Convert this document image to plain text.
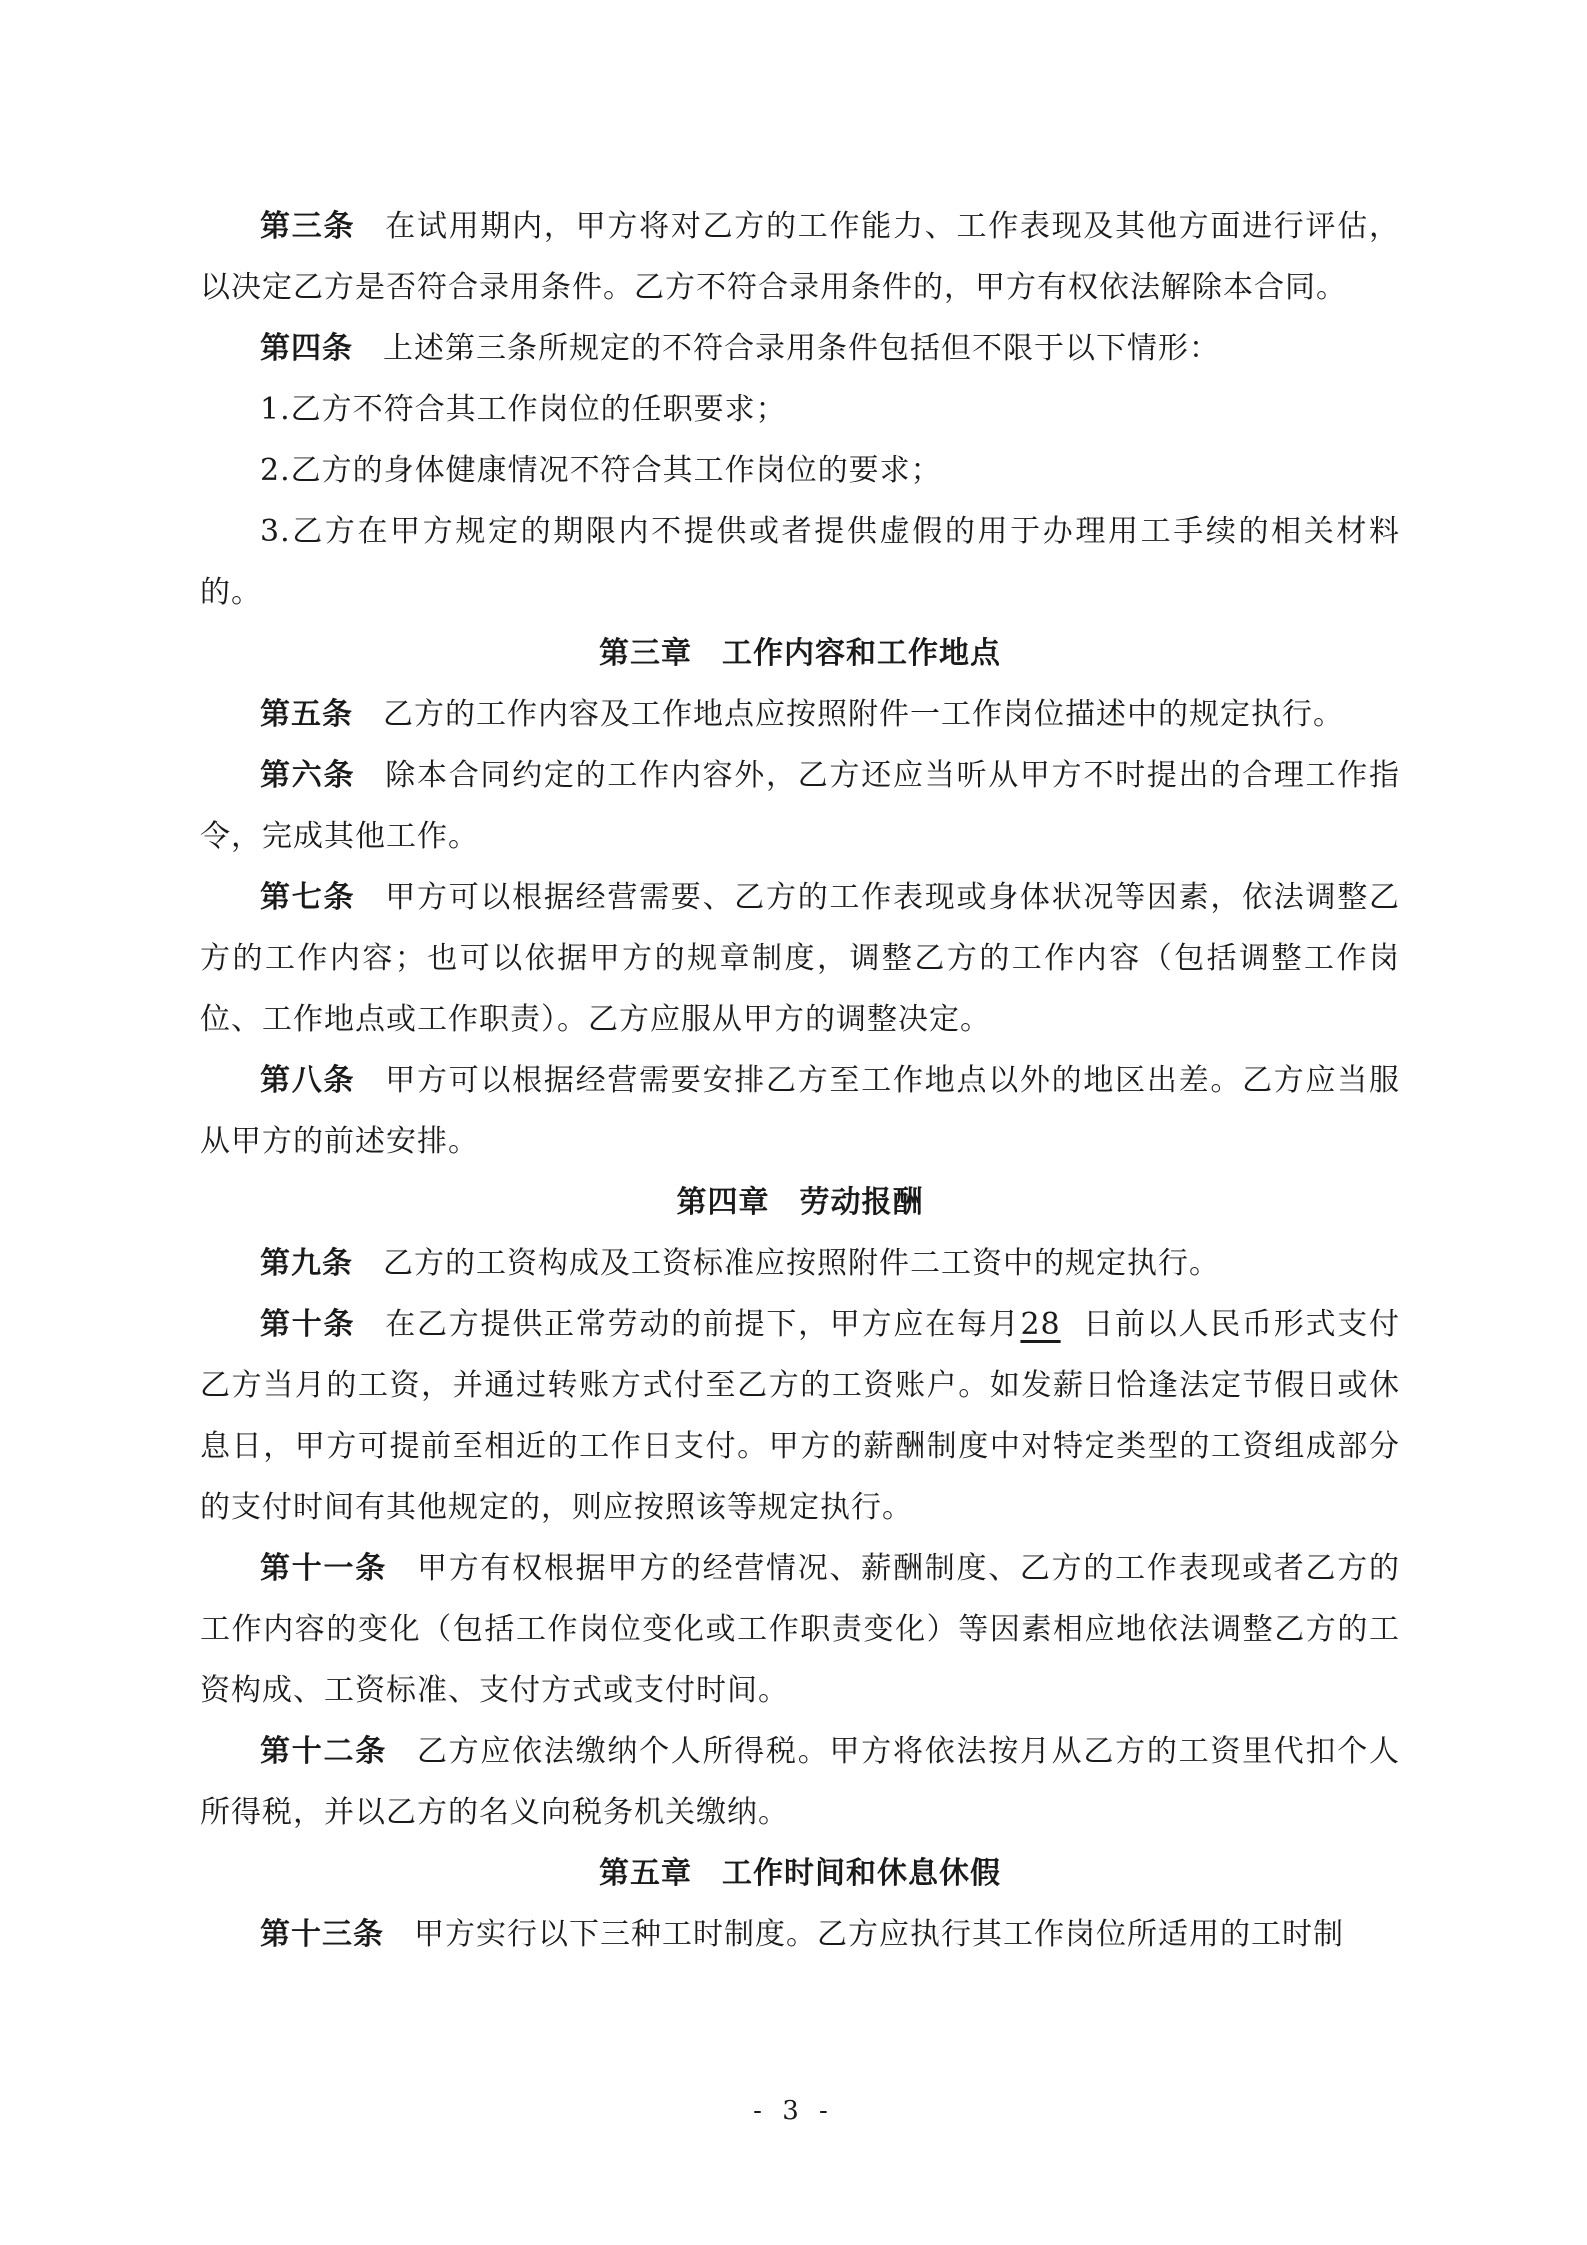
第三条 在试用期内，甲方将对乙方的工作能力、工作表现及其他方面进行评估，以决定乙方是否符合录用条件。乙方不符合录用条件的，甲方有权依法解除本合同。

第四条 上述第三条所规定的不符合录用条件包括但不限于以下情形：

1.乙方不符合其工作岗位的任职要求；

2.乙方的身体健康情况不符合其工作岗位的要求；

3.乙方在甲方规定的期限内不提供或者提供虚假的用于办理用工手续的相关材料的。

第三章 工作内容和工作地点

第五条 乙方的工作内容及工作地点应按照附件一工作岗位描述中的规定执行。

第六条 除本合同约定的工作内容外，乙方还应当听从甲方不时提出的合理工作指令，完成其他工作。

第七条 甲方可以根据经营需要、乙方的工作表现或身体状况等因素，依法调整乙方的工作内容；也可以依据甲方的规章制度，调整乙方的工作内容（包括调整工作岗位、工作地点或工作职责）。乙方应服从甲方的调整决定。

第八条 甲方可以根据经营需要安排乙方至工作地点以外的地区出差。乙方应当服从甲方的前述安排。

第四章 劳动报酬

第九条 乙方的工资构成及工资标准应按照附件二工资中的规定执行。

第十条 在乙方提供正常劳动的前提下，甲方应在每月28 日前以人民币形式支付乙方当月的工资，并通过转账方式付至乙方的工资账户。如发薪日恰逢法定节假日或休息日，甲方可提前至相近的工作日支付。甲方的薪酬制度中对特定类型的工资组成部分的支付时间有其他规定的，则应按照该等规定执行。

第十一条 甲方有权根据甲方的经营情况、薪酬制度、乙方的工作表现或者乙方的工作内容的变化（包括工作岗位变化或工作职责变化）等因素相应地依法调整乙方的工资构成、工资标准、支付方式或支付时间。

第十二条 乙方应依法缴纳个人所得税。甲方将依法按月从乙方的工资里代扣个人所得税，并以乙方的名义向税务机关缴纳。

第五章 工作时间和休息休假

第十三条 甲方实行以下三种工时制度。乙方应执行其工作岗位所适用的工时制

- 3 -
